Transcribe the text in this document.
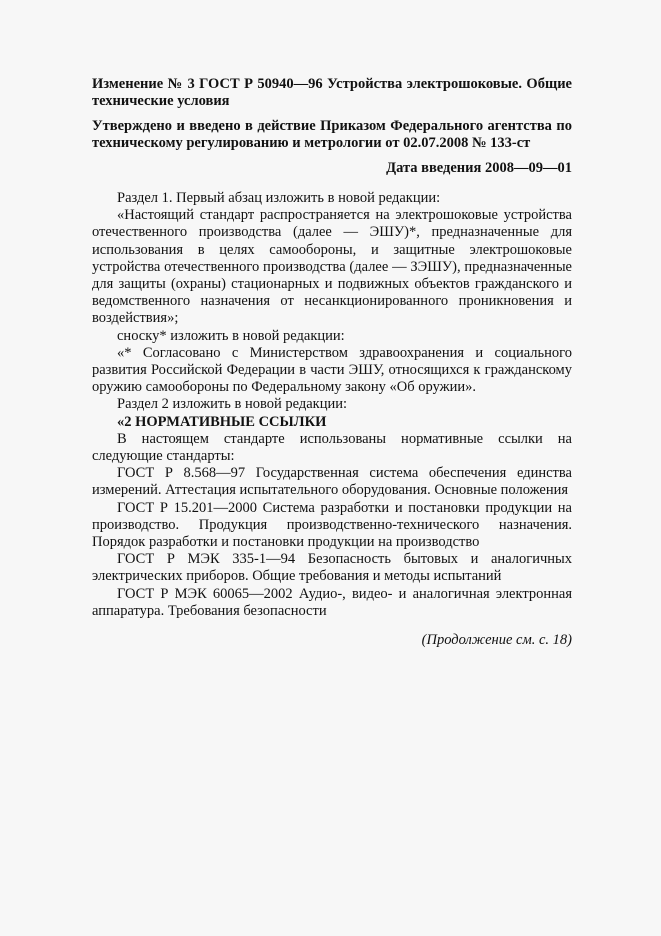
Изменение № 3 ГОСТ Р 50940—96 Устройства электрошоковые. Общие технические условия

Утверждено и введено в действие Приказом Федерального агентства по техническому регулированию и метрологии от 02.07.2008 № 133-ст

Дата введения 2008—09—01

Раздел 1. Первый абзац изложить в новой редакции:

«Настоящий стандарт распространяется на электрошоковые устройства отечественного производства (далее — ЭШУ)*, предназначенные для использования в целях самообороны, и защитные электрошоковые устройства отечественного производства (далее — ЗЭШУ), предназначенные для защиты (охраны) стационарных и подвижных объектов гражданского и ведомственного назначения от несанкционированного проникновения и воздействия»;

сноску* изложить в новой редакции:

«* Согласовано с Министерством здравоохранения и социального развития Российской Федерации в части ЭШУ, относящихся к гражданскому оружию самообороны по Федеральному закону «Об оружии».

Раздел 2 изложить в новой редакции:

«2 НОРМАТИВНЫЕ ССЫЛКИ

В настоящем стандарте использованы нормативные ссылки на следующие стандарты:

ГОСТ Р 8.568—97 Государственная система обеспечения единства измерений. Аттестация испытательного оборудования. Основные положения

ГОСТ Р 15.201—2000 Система разработки и постановки продукции на производство. Продукция производственно-технического назначения. Порядок разработки и постановки продукции на производство

ГОСТ Р МЭК 335-1—94 Безопасность бытовых и аналогичных электрических приборов. Общие требования и методы испытаний

ГОСТ Р МЭК 60065—2002 Аудио-, видео- и аналогичная электронная аппаратура. Требования безопасности

(Продолжение см. с. 18)
